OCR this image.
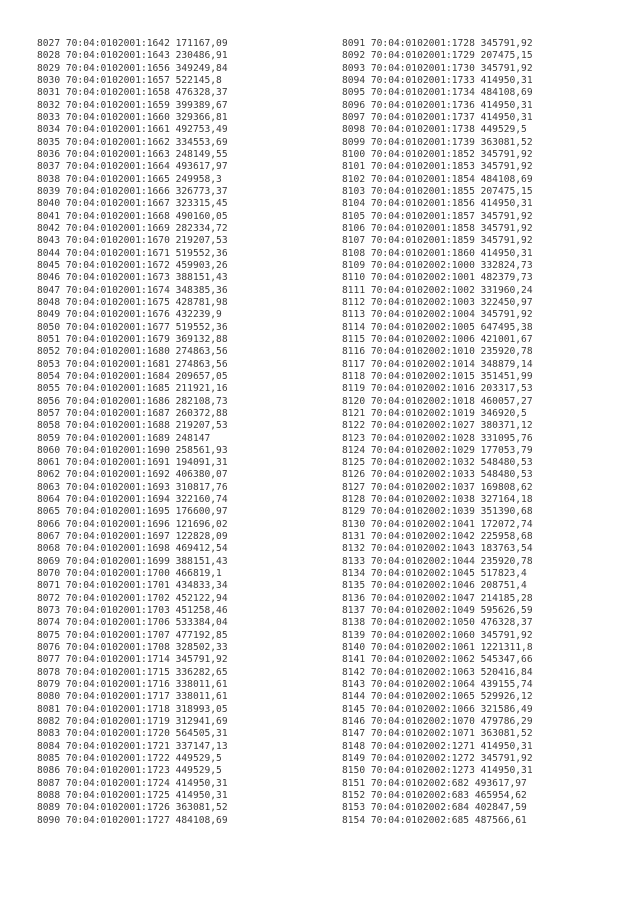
8027 70:04:0102001:1642 171167,09
8028 70:04:0102001:1643 230486,91
8029 70:04:0102001:1656 349249,84
8030 70:04:0102001:1657 522145,8
8031 70:04:0102001:1658 476328,37
8032 70:04:0102001:1659 399389,67
8033 70:04:0102001:1660 329366,81
8034 70:04:0102001:1661 492753,49
8035 70:04:0102001:1662 334553,69
8036 70:04:0102001:1663 248149,55
8037 70:04:0102001:1664 493617,97
8038 70:04:0102001:1665 249958,3
8039 70:04:0102001:1666 326773,37
8040 70:04:0102001:1667 323315,45
8041 70:04:0102001:1668 490160,05
8042 70:04:0102001:1669 282334,72
8043 70:04:0102001:1670 219207,53
8044 70:04:0102001:1671 519552,36
8045 70:04:0102001:1672 459903,26
8046 70:04:0102001:1673 388151,43
8047 70:04:0102001:1674 348385,36
8048 70:04:0102001:1675 428781,98
8049 70:04:0102001:1676 432239,9
8050 70:04:0102001:1677 519552,36
8051 70:04:0102001:1679 369132,88
8052 70:04:0102001:1680 274863,56
8053 70:04:0102001:1681 274863,56
8054 70:04:0102001:1684 209657,05
8055 70:04:0102001:1685 211921,16
8056 70:04:0102001:1686 282108,73
8057 70:04:0102001:1687 260372,88
8058 70:04:0102001:1688 219207,53
8059 70:04:0102001:1689 248147
8060 70:04:0102001:1690 258561,93
8061 70:04:0102001:1691 194091,31
8062 70:04:0102001:1692 406380,07
8063 70:04:0102001:1693 310817,76
8064 70:04:0102001:1694 322160,74
8065 70:04:0102001:1695 176600,97
8066 70:04:0102001:1696 121696,02
8067 70:04:0102001:1697 122828,09
8068 70:04:0102001:1698 469412,54
8069 70:04:0102001:1699 388151,43
8070 70:04:0102001:1700 466819,1
8071 70:04:0102001:1701 434833,34
8072 70:04:0102001:1702 452122,94
8073 70:04:0102001:1703 451258,46
8074 70:04:0102001:1706 533384,04
8075 70:04:0102001:1707 477192,85
8076 70:04:0102001:1708 328502,33
8077 70:04:0102001:1714 345791,92
8078 70:04:0102001:1715 336282,65
8079 70:04:0102001:1716 338011,61
8080 70:04:0102001:1717 338011,61
8081 70:04:0102001:1718 318993,05
8082 70:04:0102001:1719 312941,69
8083 70:04:0102001:1720 564505,31
8084 70:04:0102001:1721 337147,13
8085 70:04:0102001:1722 449529,5
8086 70:04:0102001:1723 449529,5
8087 70:04:0102001:1724 414950,31
8088 70:04:0102001:1725 414950,31
8089 70:04:0102001:1726 363081,52
8090 70:04:0102001:1727 484108,69
8091 70:04:0102001:1728 345791,92
8092 70:04:0102001:1729 207475,15
8093 70:04:0102001:1730 345791,92
8094 70:04:0102001:1733 414950,31
8095 70:04:0102001:1734 484108,69
8096 70:04:0102001:1736 414950,31
8097 70:04:0102001:1737 414950,31
8098 70:04:0102001:1738 449529,5
8099 70:04:0102001:1739 363081,52
8100 70:04:0102001:1852 345791,92
8101 70:04:0102001:1853 345791,92
8102 70:04:0102001:1854 484108,69
8103 70:04:0102001:1855 207475,15
8104 70:04:0102001:1856 414950,31
8105 70:04:0102001:1857 345791,92
8106 70:04:0102001:1858 345791,92
8107 70:04:0102001:1859 345791,92
8108 70:04:0102001:1860 414950,31
8109 70:04:0102002:1000 332824,73
8110 70:04:0102002:1001 482379,73
8111 70:04:0102002:1002 331960,24
8112 70:04:0102002:1003 322450,97
8113 70:04:0102002:1004 345791,92
8114 70:04:0102002:1005 647495,38
8115 70:04:0102002:1006 421001,67
8116 70:04:0102002:1010 235920,78
8117 70:04:0102002:1014 348879,14
8118 70:04:0102002:1015 351451,99
8119 70:04:0102002:1016 203317,53
8120 70:04:0102002:1018 460057,27
8121 70:04:0102002:1019 346920,5
8122 70:04:0102002:1027 380371,12
8123 70:04:0102002:1028 331095,76
8124 70:04:0102002:1029 177053,79
8125 70:04:0102002:1032 548480,53
8126 70:04:0102002:1033 548480,53
8127 70:04:0102002:1037 169808,62
8128 70:04:0102002:1038 327164,18
8129 70:04:0102002:1039 351390,68
8130 70:04:0102002:1041 172072,74
8131 70:04:0102002:1042 225958,68
8132 70:04:0102002:1043 183763,54
8133 70:04:0102002:1044 235920,78
8134 70:04:0102002:1045 517823,4
8135 70:04:0102002:1046 208751,4
8136 70:04:0102002:1047 214185,28
8137 70:04:0102002:1049 595626,59
8138 70:04:0102002:1050 476328,37
8139 70:04:0102002:1060 345791,92
8140 70:04:0102002:1061 1221311,8
8141 70:04:0102002:1062 545347,66
8142 70:04:0102002:1063 520416,84
8143 70:04:0102002:1064 439155,74
8144 70:04:0102002:1065 529926,12
8145 70:04:0102002:1066 321586,49
8146 70:04:0102002:1070 479786,29
8147 70:04:0102002:1071 363081,52
8148 70:04:0102002:1271 414950,31
8149 70:04:0102002:1272 345791,92
8150 70:04:0102002:1273 414950,31
8151 70:04:0102002:682 493617,97
8152 70:04:0102002:683 465954,62
8153 70:04:0102002:684 402847,59
8154 70:04:0102002:685 487566,61
